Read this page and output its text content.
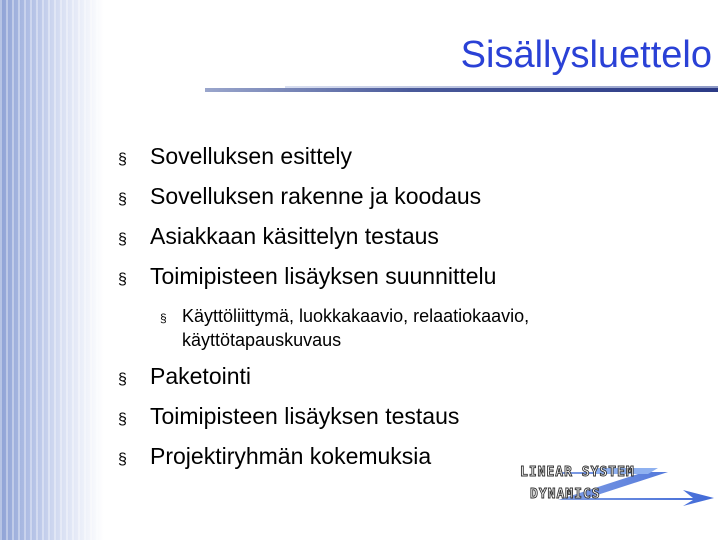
Sisällysluettelo
§	Sovelluksen esittely
§	Sovelluksen rakenne ja koodaus
§	Asiakkaan käsittelyn testaus
§	Toimipisteen lisäyksen suunnittelu
§ Käyttöliittymä, luokkakaavio, relaatiokaavio, käyttötapauskuvaus
§	Paketointi
§	Toimipisteen lisäyksen testaus
§	Projektiryhmän kokemuksia
LINEAR SYSTEM
DYNAMICS
